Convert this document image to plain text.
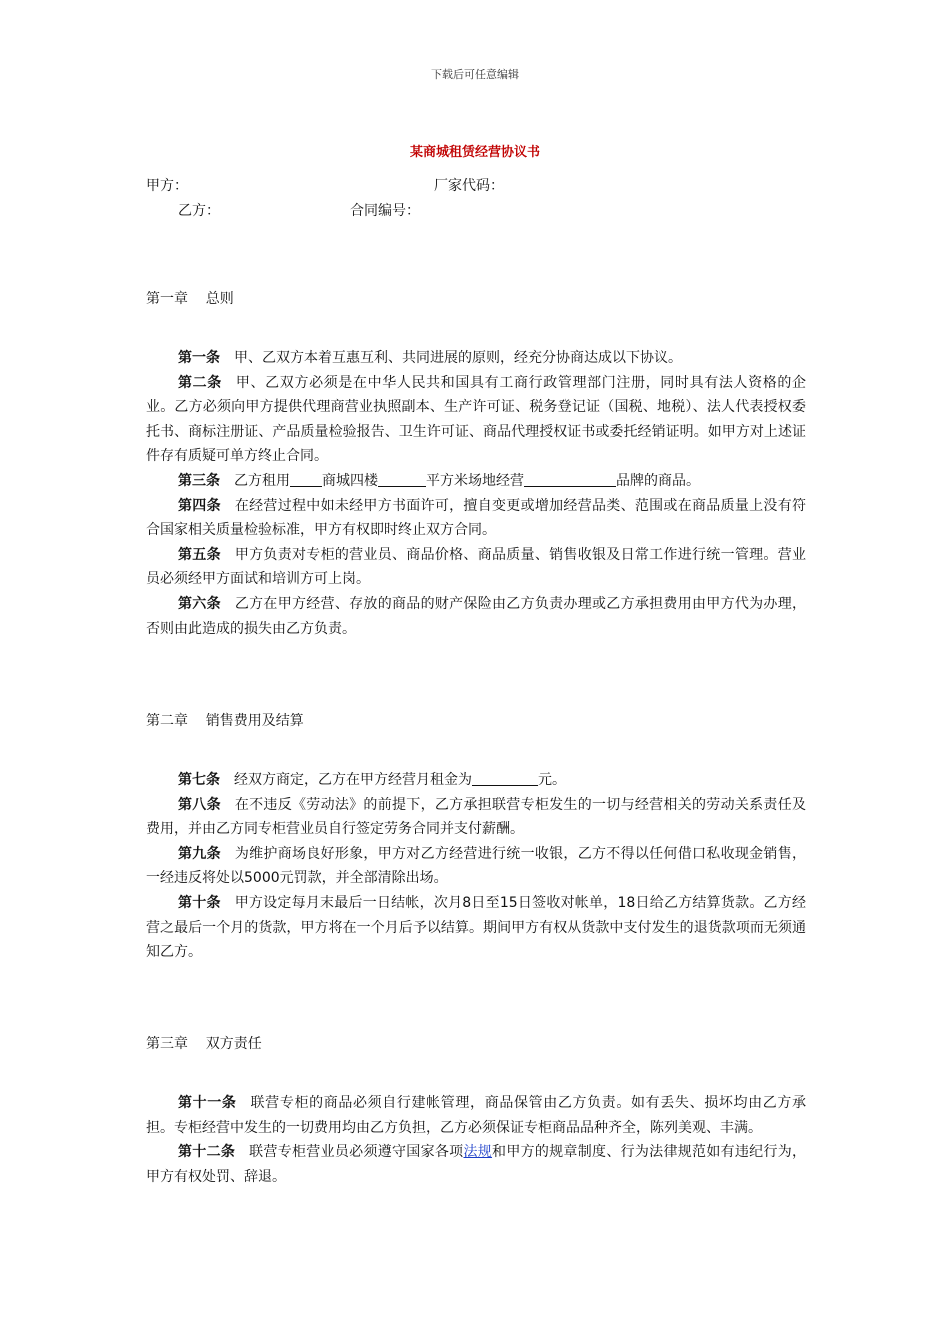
下载后可任意编辑
某商城租赁经营协议书
甲方：	厂家代码：
乙方：	合同编号：
第一章    总则

第一条 甲、乙双方本着互惠互利、共同进展的原则，经充分协商达成以下协议。

第二条 甲、乙双方必须是在中华人民共和国具有工商行政管理部门注册，同时具有法人资格的企业。乙方必须向甲方提供代理商营业执照副本、生产许可证、税务登记证（国税、地税）、法人代表授权委托书、商标注册证、产品质量检验报告、卫生许可证、商品代理授权证书或委托经销证明。如甲方对上述证件存有质疑可单方终止合同。

第三条 乙方租用 商城四楼	平方米场地经营	品牌的商品。

第四条 在经营过程中如未经甲方书面许可，擅自变更或增加经营品类、范围或在商品质量上没有符合国家相关质量检验标准，甲方有权即时终止双方合同。

第五条 甲方负责对专柜的营业员、商品价格、商品质量、销售收银及日常工作进行统一管理。营业员必须经甲方面试和培训方可上岗。

第六条 乙方在甲方经营、存放的商品的财产保险由乙方负责办理或乙方承担费用由甲方代为办理，否则由此造成的损失由乙方负责。

第二章    销售费用及结算

第七条 经双方商定，乙方在甲方经营月租金为	元。

第八条 在不违反《劳动法》的前提下，乙方承担联营专柜发生的一切与经营相关的劳动关系责任及费用，并由乙方同专柜营业员自行签定劳务合同并支付薪酬。

第九条 为维护商场良好形象，甲方对乙方经营进行统一收银，乙方不得以任何借口私收现金销售，一经违反将处以5000元罚款，并全部清除出场。

第十条 甲方设定每月末最后一日结帐，次月8日至15日签收对帐单，18日给乙方结算货款。乙方经营之最后一个月的货款，甲方将在一个月后予以结算。期间甲方有权从货款中支付发生的退货款项而无须通知乙方。

第三章    双方责任

第十一条 联营专柜的商品必须自行建帐管理，商品保管由乙方负责。如有丢失、损坏均由乙方承担。专柜经营中发生的一切费用均由乙方负担，乙方必须保证专柜商品品种齐全，陈列美观、丰满。

第十二条 联营专柜营业员必须遵守国家各项法规和甲方的规章制度、行为法律规范如有违纪行为，甲方有权处罚、辞退。
